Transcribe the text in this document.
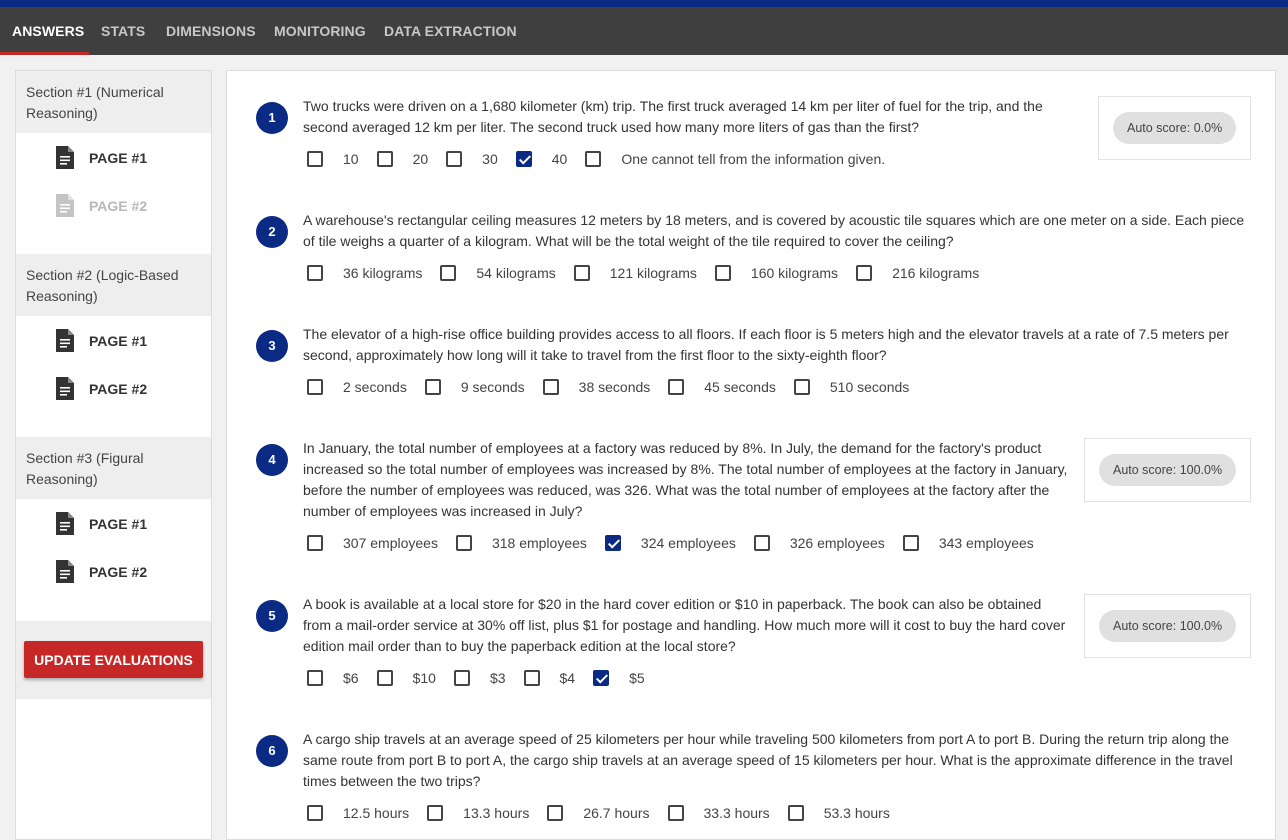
ANSWERS STATS DIMENSIONS MONITORING DATA EXTRACTION
Section #1 (Numerical Reasoning)
PAGE #1
PAGE #2
Section #2 (Logic-Based Reasoning)
PAGE #1
PAGE #2
Section #3 (Figural Reasoning)
PAGE #1
PAGE #2
UPDATE EVALUATIONS
1
Two trucks were driven on a 1,680 kilometer (km) trip. The first truck averaged 14 km per liter of fuel for the trip, and the second averaged 12 km per liter. The second truck used how many more liters of gas than the first?
10	20	30	40	One cannot tell from the information given.
Auto score: 0.0%
2
A warehouse's rectangular ceiling measures 12 meters by 18 meters, and is covered by acoustic tile squares which are one meter on a side. Each piece of tile weighs a quarter of a kilogram. What will be the total weight of the tile required to cover the ceiling?
36 kilograms	54 kilograms	121 kilograms	160 kilograms	216 kilograms
3
The elevator of a high-rise office building provides access to all floors. If each floor is 5 meters high and the elevator travels at a rate of 7.5 meters per second, approximately how long will it take to travel from the first floor to the sixty-eighth floor?
2 seconds	9 seconds	38 seconds	45 seconds	510 seconds
4
In January, the total number of employees at a factory was reduced by 8%. In July, the demand for the factory's product increased so the total number of employees was increased by 8%. The total number of employees at the factory in January, before the number of employees was reduced, was 326. What was the total number of employees at the factory after the number of employees was increased in July?
307 employees	318 employees	324 employees	326 employees	343 employees
Auto score: 100.0%
5
A book is available at a local store for $20 in the hard cover edition or $10 in paperback. The book can also be obtained from a mail-order service at 30% off list, plus $1 for postage and handling. How much more will it cost to buy the hard cover edition mail order than to buy the paperback edition at the local store?
$6	$10	$3	$4	$5
Auto score: 100.0%
6
A cargo ship travels at an average speed of 25 kilometers per hour while traveling 500 kilometers from port A to port B. During the return trip along the same route from port B to port A, the cargo ship travels at an average speed of 15 kilometers per hour. What is the approximate difference in the travel times between the two trips?
12.5 hours	13.3 hours	26.7 hours	33.3 hours	53.3 hours
